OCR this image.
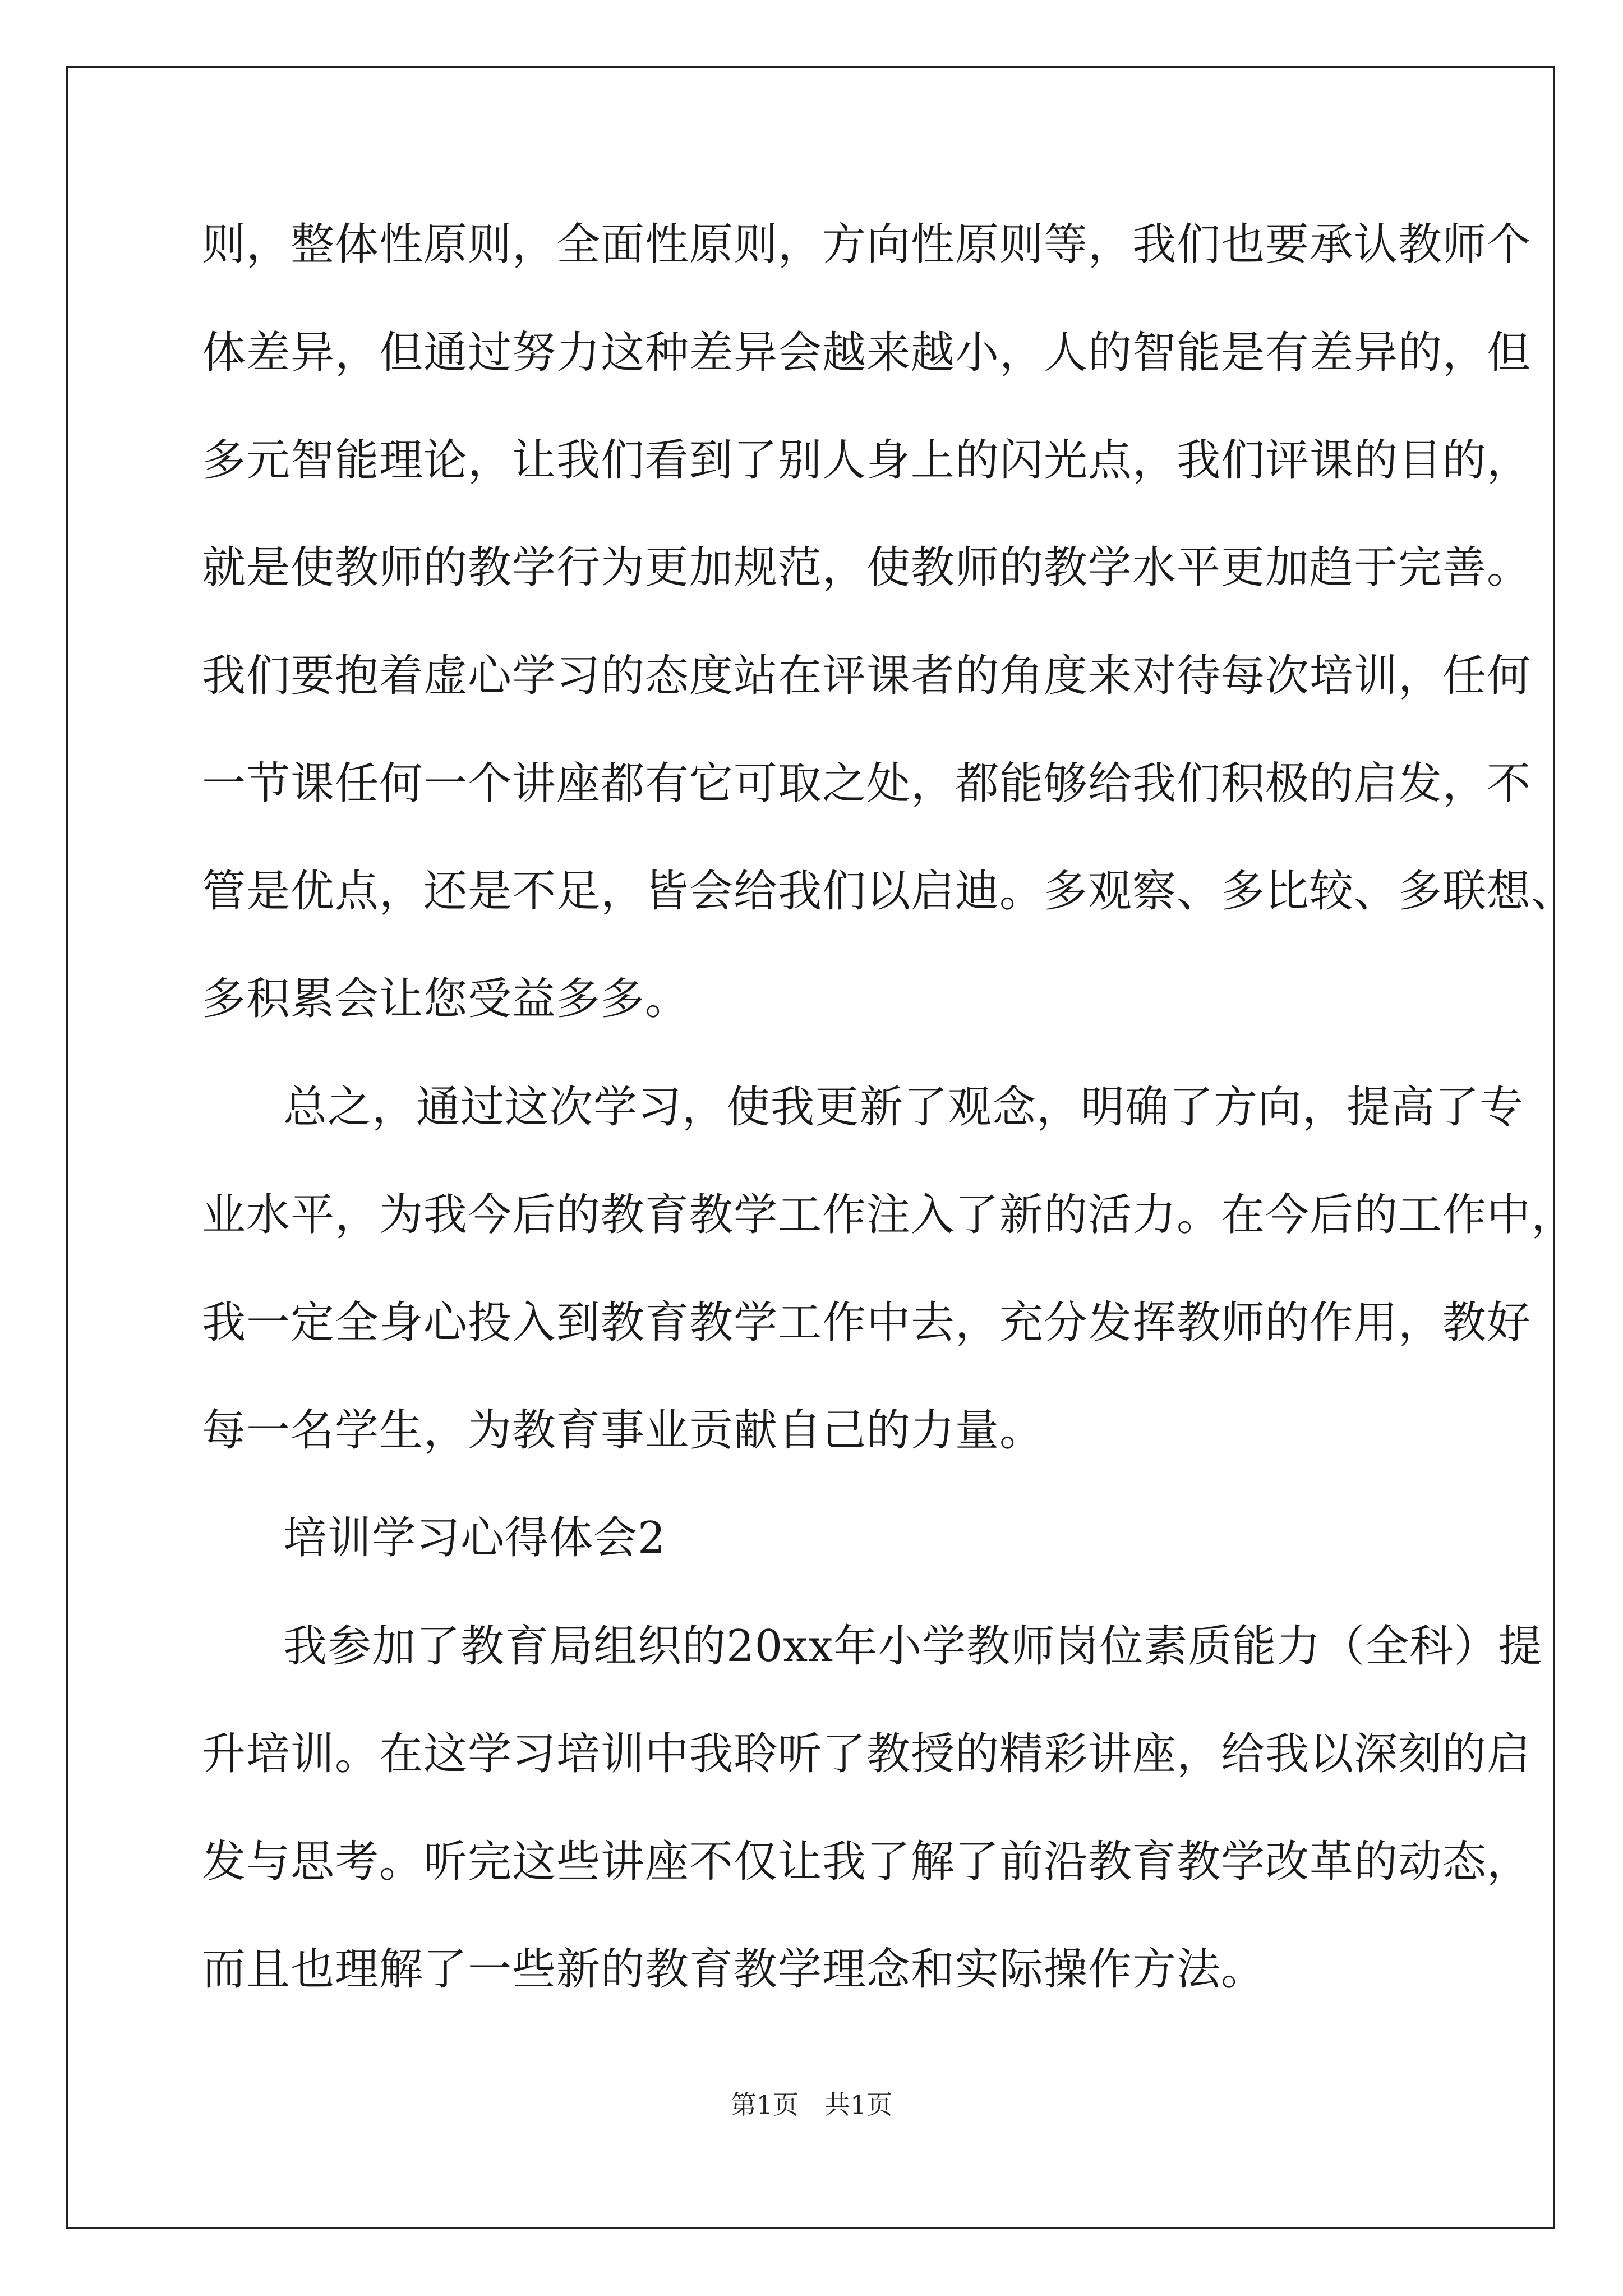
则，整体性原则，全面性原则，方向性原则等，我们也要承认教师个
体差异，但通过努力这种差异会越来越小，人的智能是有差异的，但
多元智能理论，让我们看到了别人身上的闪光点，我们评课的目的，
就是使教师的教学行为更加规范，使教师的教学水平更加趋于完善。
我们要抱着虚心学习的态度站在评课者的角度来对待每次培训，任何
一节课任何一个讲座都有它可取之处，都能够给我们积极的启发，不
管是优点，还是不足，皆会给我们以启迪。多观察、多比较、多联想、
多积累会让您受益多多。
总之，通过这次学习，使我更新了观念，明确了方向，提高了专
业水平，为我今后的教育教学工作注入了新的活力。在今后的工作中，
我一定全身心投入到教育教学工作中去，充分发挥教师的作用，教好
每一名学生，为教育事业贡献自己的力量。
培训学习心得体会2
我参加了教育局组织的20xx年小学教师岗位素质能力（全科）提
升培训。在这学习培训中我聆听了教授的精彩讲座，给我以深刻的启
发与思考。听完这些讲座不仅让我了解了前沿教育教学改革的动态，
而且也理解了一些新的教育教学理念和实际操作方法。
第1页　共1页
